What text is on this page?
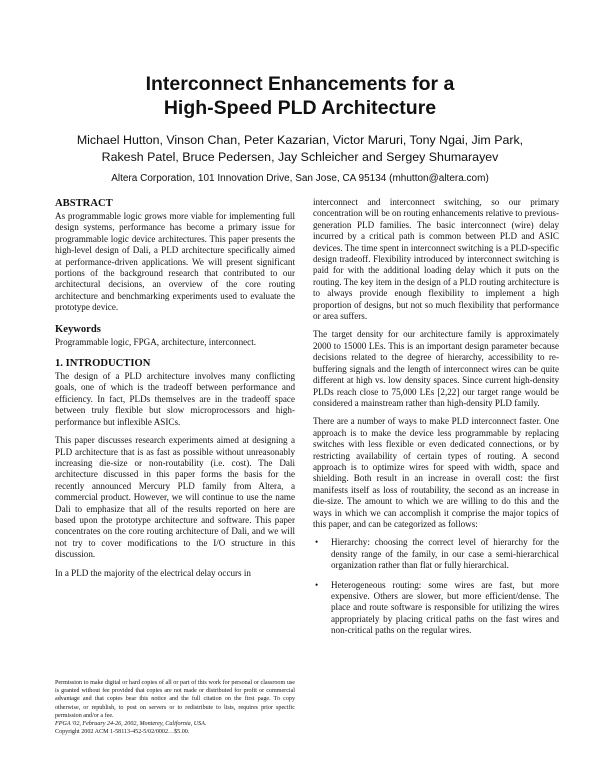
Interconnect Enhancements for a
High-Speed PLD Architecture
Michael Hutton, Vinson Chan, Peter Kazarian, Victor Maruri, Tony Ngai, Jim Park,
Rakesh Patel, Bruce Pedersen, Jay Schleicher and Sergey Shumarayev
Altera Corporation, 101 Innovation Drive, San Jose, CA 95134 (mhutton@altera.com)
ABSTRACT

As programmable logic grows more viable for implementing full design systems, performance has become a primary issue for programmable logic device architectures. This paper presents the high-level design of Dali, a PLD architecture specifically aimed at performance-driven applications. We will present significant portions of the background research that contributed to our architectural decisions, an overview of the core routing architecture and benchmarking experiments used to evaluate the prototype device.

Keywords

Programmable logic, FPGA, architecture, interconnect.

1. INTRODUCTION

The design of a PLD architecture involves many conflicting goals, one of which is the tradeoff between performance and efficiency. In fact, PLDs themselves are in the tradeoff space between truly flexible but slow microprocessors and high-performance but inflexible ASICs.

This paper discusses research experiments aimed at designing a PLD architecture that is as fast as possible without unreasonably increasing die-size or non-routability (i.e. cost). The Dali architecture discussed in this paper forms the basis for the recently announced Mercury PLD family from Altera, a commercial product. However, we will continue to use the name Dali to emphasize that all of the results reported on here are based upon the prototype architecture and software. This paper concentrates on the core routing architecture of Dali, and we will not try to cover modifications to the I/O structure in this discussion.

In a PLD the majority of the electrical delay occurs in

interconnect and interconnect switching, so our primary concentration will be on routing enhancements relative to previous-generation PLD families. The basic interconnect (wire) delay incurred by a critical path is common between PLD and ASIC devices. The time spent in interconnect switching is a PLD-specific design tradeoff. Flexibility introduced by interconnect switching is paid for with the additional loading delay which it puts on the routing. The key item in the design of a PLD routing architecture is to always provide enough flexibility to implement a high proportion of designs, but not so much flexibility that performance or area suffers.

The target density for our architecture family is approximately 2000 to 15000 LEs. This is an important design parameter because decisions related to the degree of hierarchy, accessibility to re-buffering signals and the length of interconnect wires can be quite different at high vs. low density spaces. Since current high-density PLDs reach close to 75,000 LEs [2,22] our target range would be considered a mainstream rather than high-density PLD family.

There are a number of ways to make PLD interconnect faster. One approach is to make the device less programmable by replacing switches with less flexible or even dedicated connections, or by restricting availability of certain types of routing. A second approach is to optimize wires for speed with width, space and shielding. Both result in an increase in overall cost: the first manifests itself as loss of routability, the second as an increase in die-size. The amount to which we are willing to do this and the ways in which we can accomplish it comprise the major topics of this paper, and can be categorized as follows:

• Hierarchy: choosing the correct level of hierarchy for the density range of the family, in our case a semi-hierarchical organization rather than flat or fully hierarchical.
• Heterogeneous routing: some wires are fast, but more expensive. Others are slower, but more efficient/dense. The place and route software is responsible for utilizing the wires appropriately by placing critical paths on the fast wires and non-critical paths on the regular wires.
Permission to make digital or hard copies of all or part of this work for personal or classroom use is granted without fee provided that copies are not made or distributed for profit or commercial advantage and that copies bear this notice and the full citation on the first page. To copy otherwise, or republish, to post on servers or to redistribute to lists, requires prior specific permission and/or a fee.
FPGA '02, February 24-26, 2002, Monterey, California, USA.
Copyright 2002 ACM 1-58113-452-5/02/0002…$5.00.
